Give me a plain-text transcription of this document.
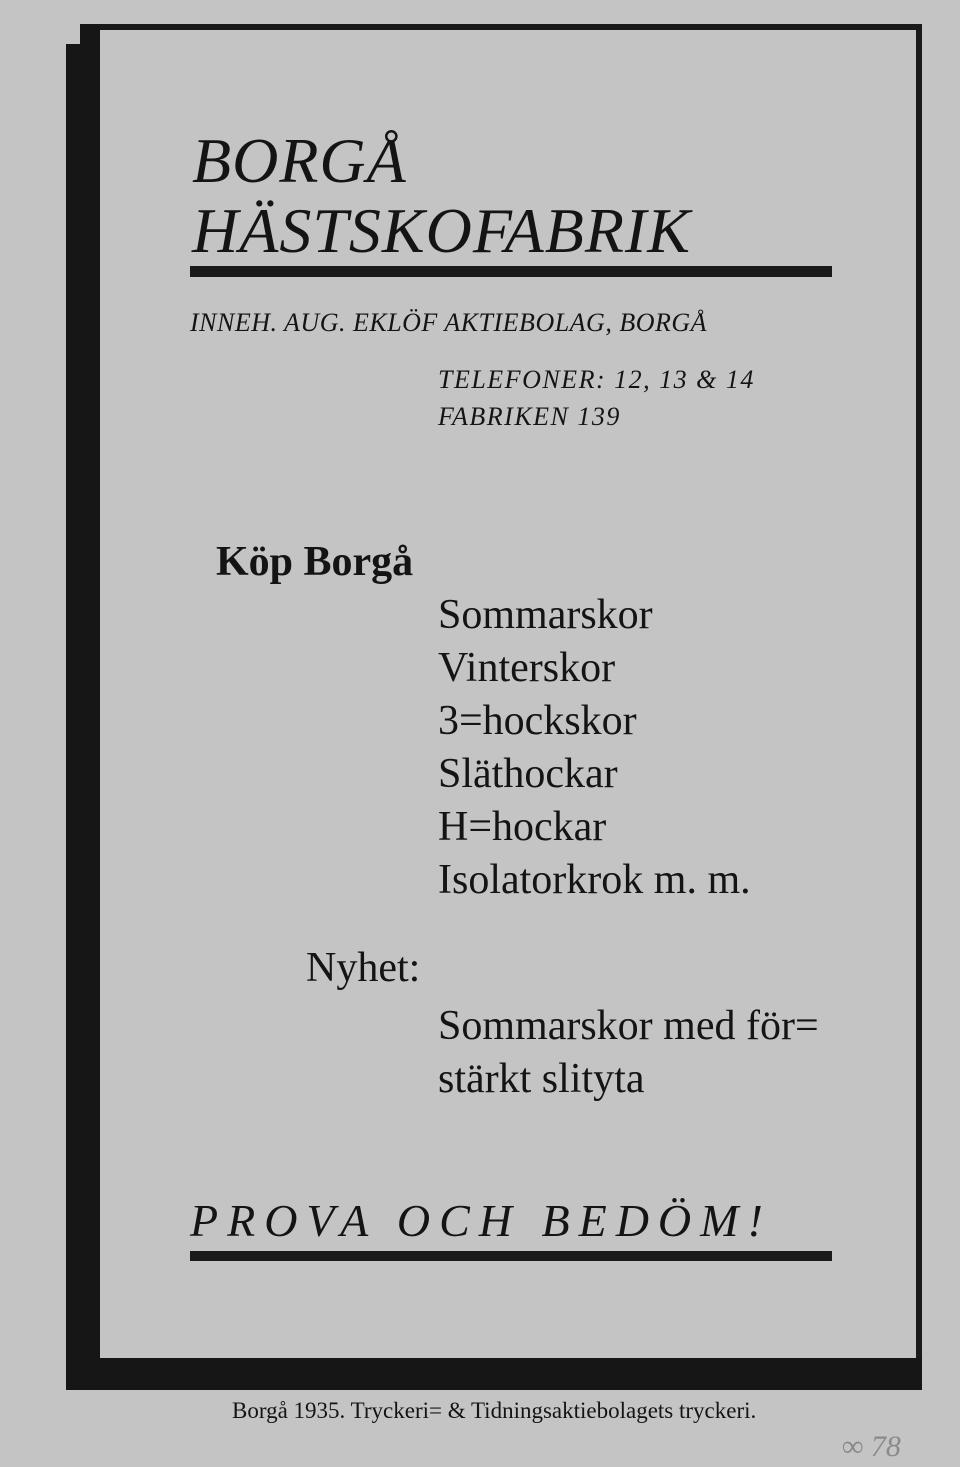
BORGÅ
HÄSTSKOFABRIK
INNEH. AUG. EKLÖF AKTIEBOLAG, BORGÅ
TELEFONER: 12, 13 & 14
FABRIKEN 139
Köp Borgå
Sommarskor
Vinterskor
3=hockskor
Släthockar
H=hockar
Isolatorkrok m. m.
Nyhet:
Sommarskor med för=
stärkt slityta
PROVA OCH BEDÖM!
Borgå 1935. Tryckeri= & Tidningsaktiebolagets tryckeri.
∞ 78
